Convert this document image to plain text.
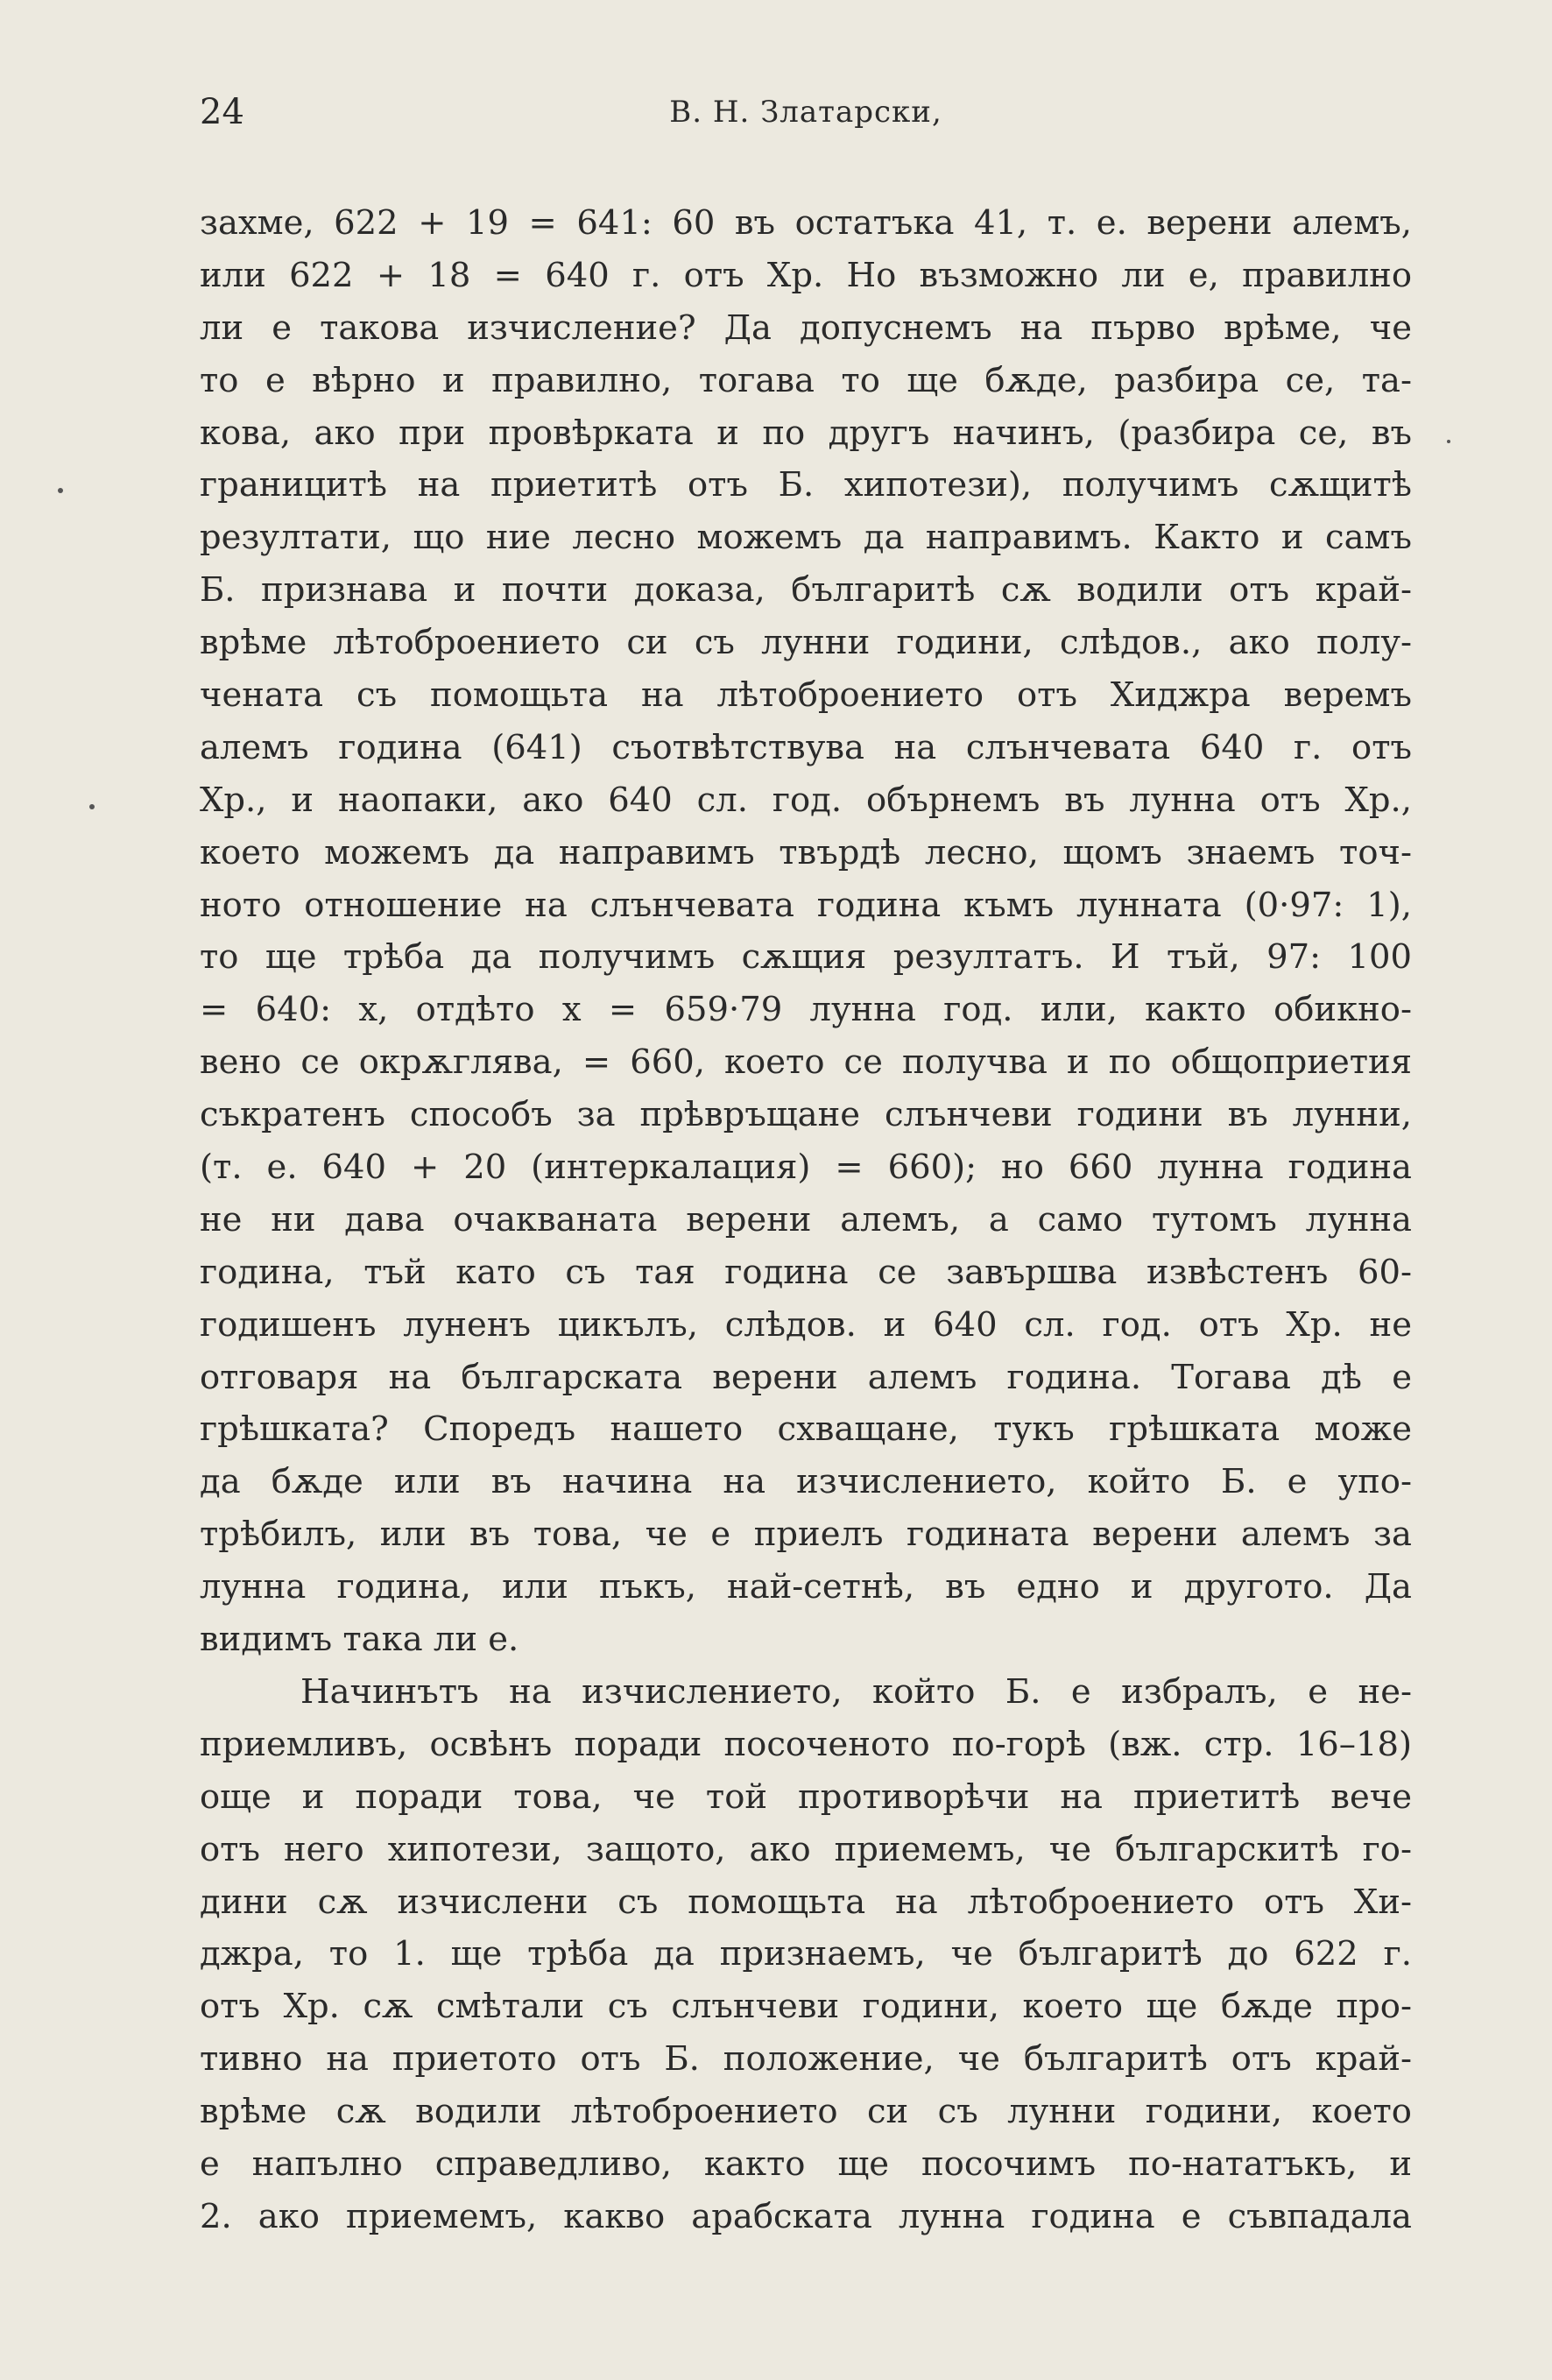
24	В. Н. Златарски,
захме, 622 + 19 = 641: 60 въ остатъка 41, т. е. верени алемъ,
или 622 + 18 = 640 г. отъ Хр. Но възможно ли е, правилно
ли е такова изчисление? Да допуснемъ на първо врѣме, че
то е вѣрно и правилно, тогава то ще бѫде, разбира се, та-
кова, ако при провѣрката и по другъ начинъ, (разбира се, въ
границитѣ на приетитѣ отъ Б. хипотези), получимъ сѫщитѣ
резултати, що ние лесно можемъ да направимъ. Както и самъ
Б. признава и почти доказа, българитѣ сѫ водили отъ край-
врѣме лѣтоброението си съ лунни години, слѣдов., ако полу-
чената съ помощьта на лѣтоброението отъ Хиджра веремъ
алемъ година (641) съотвѣтствува на слънчевата 640 г. отъ
Хр., и наопаки, ако 640 сл. год. обърнемъ въ лунна отъ Хр.,
което можемъ да направимъ твърдѣ лесно, щомъ знаемъ точ-
ното отношение на слънчевата година къмъ лунната (0·97: 1),
то ще трѣба да получимъ сѫщия резултатъ. И тъй, 97: 100
= 640: x, отдѣто x = 659·79 лунна год. или, както обикно-
вено се окрѫглява, = 660, което се получва и по общоприетия
съкратенъ способъ за прѣвръщане слънчеви години въ лунни,
(т. е. 640 + 20 (интеркалация) = 660); но 660 лунна година
не ни дава очакваната верени алемъ, а само тутомъ лунна
година, тъй като съ тая година се завършва извѣстенъ 60-
годишенъ луненъ цикълъ, слѣдов. и 640 сл. год. отъ Хр. не
отговаря на българската верени алемъ година. Тогава дѣ е
грѣшката? Споредъ нашето схващане, тукъ грѣшката може
да бѫде или въ начина на изчислението, който Б. е упо-
трѣбилъ, или въ това, че е приелъ годината верени алемъ за
лунна година, или пъкъ, най-сетнѣ, въ едно и другото. Да
видимъ така ли е.
Начинътъ на изчислението, който Б. е избралъ, е не-
приемливъ, освѣнъ поради посоченото по-горѣ (вж. стр. 16–18)
още и поради това, че той противорѣчи на приетитѣ вече
отъ него хипотези, защото, ако приемемъ, че българскитѣ го-
дини сѫ изчислени съ помощьта на лѣтоброението отъ Хи-
джра, то 1. ще трѣба да признаемъ, че българитѣ до 622 г.
отъ Хр. сѫ смѣтали съ слънчеви години, което ще бѫде про-
тивно на приетото отъ Б. положение, че българитѣ отъ край-
врѣме сѫ водили лѣтоброението си съ лунни години, което
е напълно справедливо, както ще посочимъ по-нататъкъ, и
2. ако приемемъ, какво арабската лунна година е съвпадала
